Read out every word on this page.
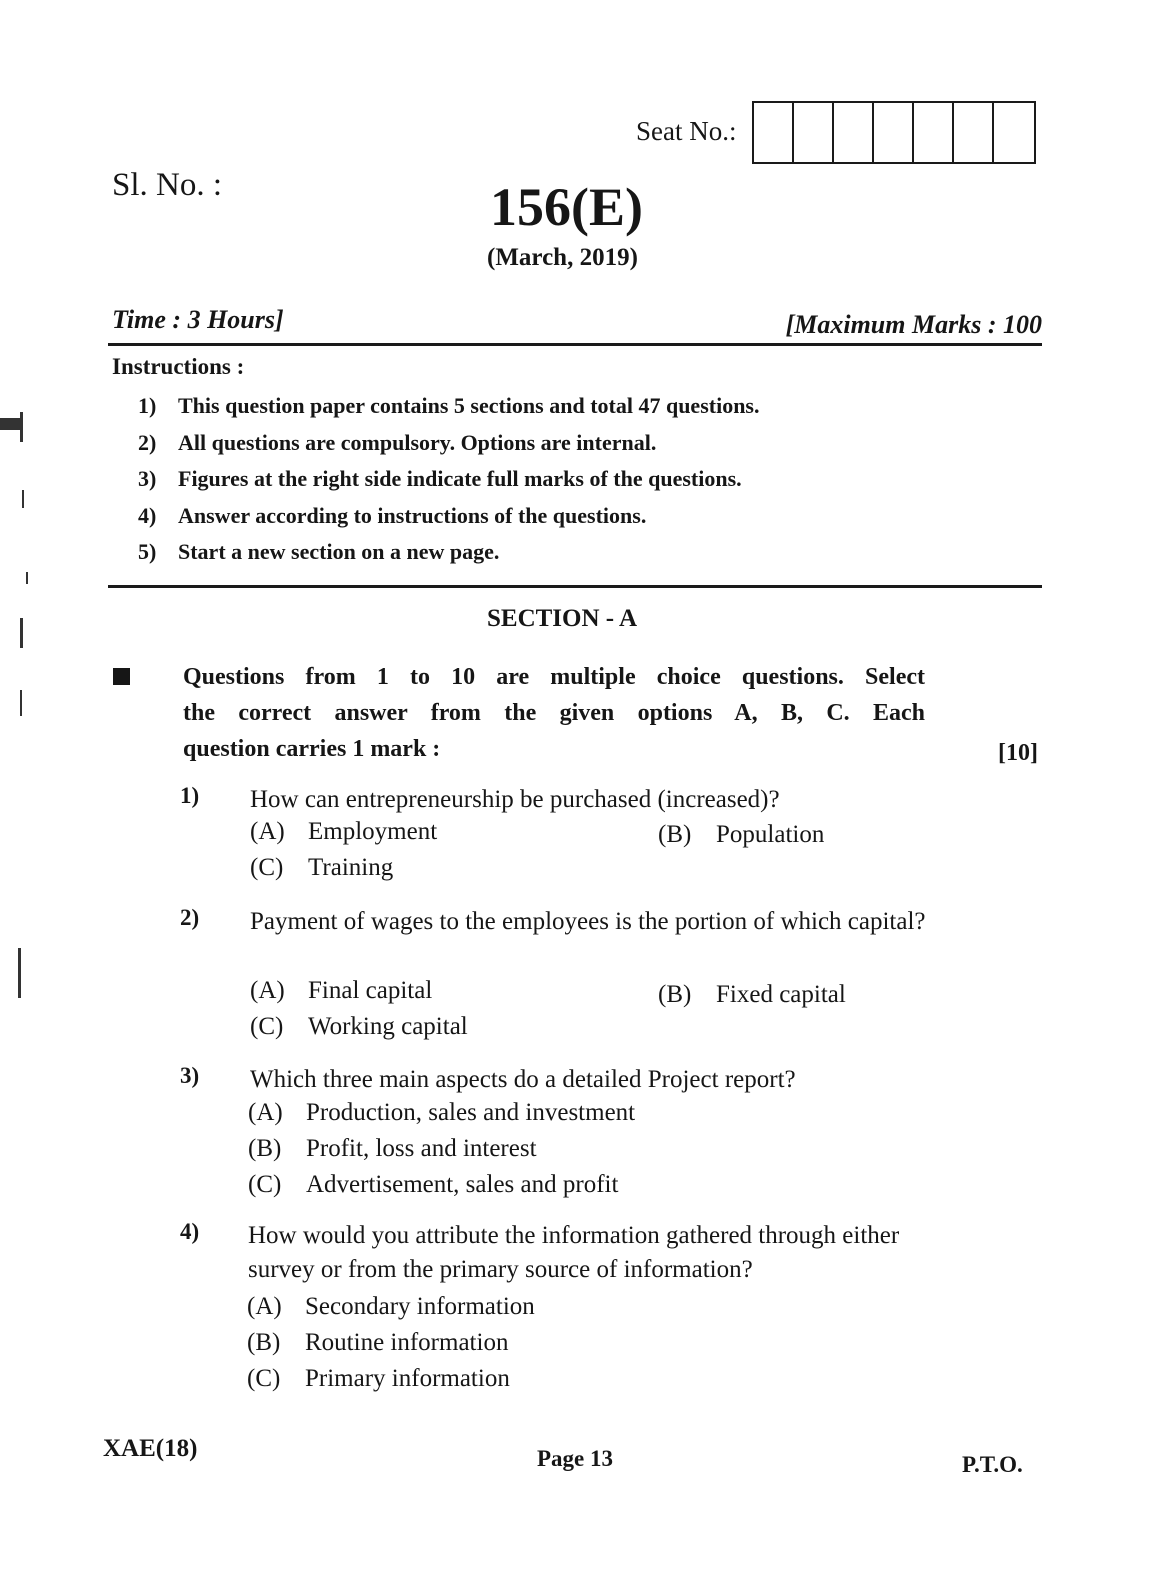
Seat No.:
Sl. No. :	156(E)
(March, 2019)
Time : 3 Hours]	[Maximum Marks : 100
Instructions :
1) This question paper contains 5 sections and total 47 questions.
2) All questions are compulsory. Options are internal.
3) Figures at the right side indicate full marks of the questions.
4) Answer according to instructions of the questions.
5) Start a new section on a new page.
SECTION - A
Questions from 1 to 10 are multiple choice questions. Select
the correct answer from the given options A, B, C. Each
question carries 1 mark :	[10]
1) How can entrepreneurship be purchased (increased)?
(A) Employment	(B) Population
(C) Training
2) Payment of wages to the employees is the portion of which capital?
(A) Final capital	(B) Fixed capital
(C) Working capital
3) Which three main aspects do a detailed Project report?
(A) Production, sales and investment
(B) Profit, loss and interest
(C) Advertisement, sales and profit
4) How would you attribute the information gathered through either survey or from the primary source of information?
(A) Secondary information
(B) Routine information
(C) Primary information
XAE(18)	Page 13	P.T.O.
